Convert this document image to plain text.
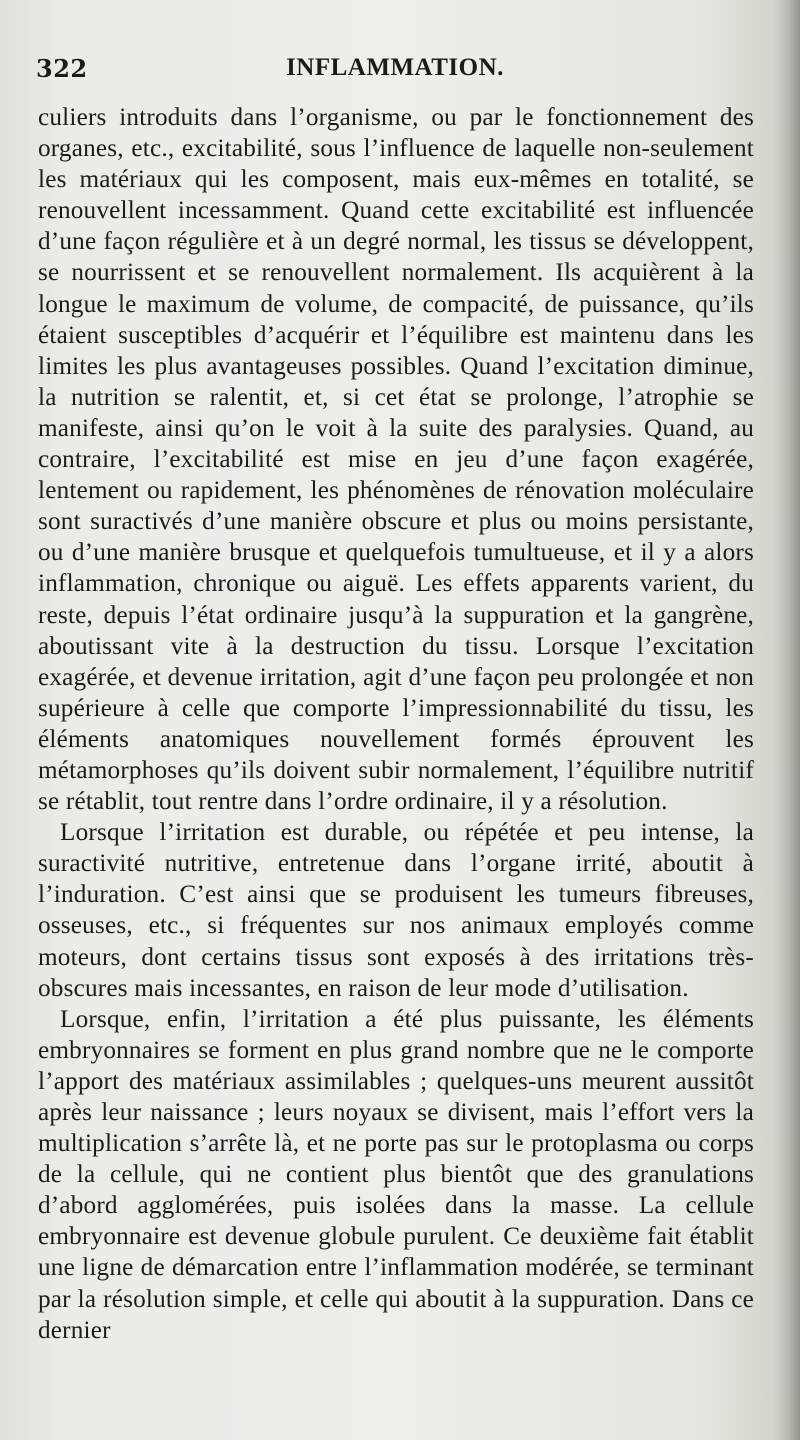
322	INFLAMMATION.

culiers introduits dans l’organisme, ou par le fonctionnement des organes, etc., excitabilité, sous l’influence de laquelle non-seulement les matériaux qui les composent, mais eux-mêmes en totalité, se renouvellent incessamment. Quand cette excitabilité est influencée d’une façon régulière et à un degré normal, les tissus se développent, se nourrissent et se renouvellent normalement. Ils acquièrent à la longue le maximum de volume, de compacité, de puissance, qu’ils étaient susceptibles d’acquérir et l’équilibre est maintenu dans les limites les plus avantageuses possibles. Quand l’excitation diminue, la nutrition se ralentit, et, si cet état se prolonge, l’atrophie se manifeste, ainsi qu’on le voit à la suite des paralysies. Quand, au contraire, l’excitabilité est mise en jeu d’une façon exagérée, lentement ou rapidement, les phénomènes de rénovation moléculaire sont suractivés d’une manière obscure et plus ou moins persistante, ou d’une manière brusque et quelquefois tumultueuse, et il y a alors inflammation, chronique ou aiguë. Les effets apparents varient, du reste, depuis l’état ordinaire jusqu’à la suppuration et la gangrène, aboutissant vite à la destruction du tissu. Lorsque l’excitation exagérée, et devenue irritation, agit d’une façon peu prolongée et non supérieure à celle que comporte l’impressionnabilité du tissu, les éléments anatomiques nouvellement formés éprouvent les métamorphoses qu’ils doivent subir normalement, l’équilibre nutritif se rétablit, tout rentre dans l’ordre ordinaire, il y a résolution.

Lorsque l’irritation est durable, ou répétée et peu intense, la suractivité nutritive, entretenue dans l’organe irrité, aboutit à l’induration. C’est ainsi que se produisent les tumeurs fibreuses, osseuses, etc., si fréquentes sur nos animaux employés comme moteurs, dont certains tissus sont exposés à des irritations très-obscures mais incessantes, en raison de leur mode d’utilisation.

Lorsque, enfin, l’irritation a été plus puissante, les éléments embryonnaires se forment en plus grand nombre que ne le comporte l’apport des matériaux assimilables ; quelques-uns meurent aussitôt après leur naissance ; leurs noyaux se divisent, mais l’effort vers la multiplication s’arrête là, et ne porte pas sur le protoplasma ou corps de la cellule, qui ne contient plus bientôt que des granulations d’abord agglomérées, puis isolées dans la masse. La cellule embryonnaire est devenue globule purulent. Ce deuxième fait établit une ligne de démarcation entre l’inflammation modérée, se terminant par la résolution simple, et celle qui aboutit à la suppuration. Dans ce dernier
